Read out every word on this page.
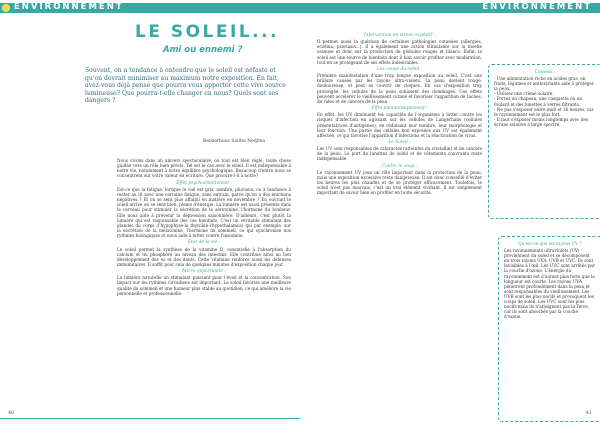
ENVIRONNEMENT
LE SOLEIL...
Ami ou ennemi ?
Souvent, on a tendance à entendre que le soleil est néfaste et qu'on devrait minimiser au maximum notre exposition. En fait, avez-vous déjà pensé que pourra vous apporter cette vive source lumineuse? Que pourra-t-elle changer en nous? Quels sont ses dangers ?
Benzerbouz Salihu Nedjma
Nous vivons dans un univers spectaculaire, où tout est bien réglé, toute chose guidée vers un rôle bien précis. Tel est le cas avec le soleil. Il est indispensable à notre vie, notamment à notre équilibre psychologique. Beaucoup d'entre nous se concentrent sur votre valeur en écriture. Que procure-t-il à notre?
Effet psychoémotionnel :
Est-ce que la fatigue, lorsque le ciel est gris, sombre, pluvieux, ou à tendance à rester au lit avec une certaine fatigue, sans entrain, parce qu'on a des émotions négatives ? Et on se sent plus affaibli en matière en novembre ? En ouvrant le soleil arrive on se sent bien, pleins d'énergie. La lumière est aussi présente dans le cerveau pour stimuler la sécrétion de la sérotonine, l'hormone du bonheur. Elle nous aide à prévenir la dépression saisonnière. D'ailleurs, c'est plutôt la lumière qui est responsable des ces bienfaits. C'est un véritable stimulant des glandes du corps (l'hypophyse-la thyroïde-l'hypothalamus) qui par exemple, sur la sécrétion de la mélatonine, l'hormone du sommeil, ce qui synchronise nos rythmes biologiques et nous aide à lutter contre l'insomnie.
Etat de la vie :
Le soleil permet la synthèse de la vitamine D, essentielle à l'absorption du calcium et du phosphore au niveau des intestins. Elle contribue ainsi au bon développement des os et des dents. Cette vitamine renforce aussi les défenses immunitaires. Il suffit pour cela de quelques minutes d'exposition chaque jour.
Micro-opportunité :
La lumière naturelle un stimulant puissant pour l'éveil et la concentration. Son impact sur les rythmes circadiens est important. Le soleil favorise une meilleure qualité du sommeil et une humeur plus stable au quotidien, ce qui améliore la vie personnelle et professionnelle.
40
ENVIRONNEMENT
Intervention en stress oxydatif :
Il permet aussi la guérison de certaines pathologies cutanées (allergies, eczéma, psoriasis...). Il a également une action stimulante sur la moelle osseuse et donc sur la production de globules rouges et blancs. Enfin, le soleil est une source de bienfaits dont il faut savoir profiter avec modération, tout en se protégeant de ses effets indésirables.
Les coups du soleil :
Première manifestation d'une trop longue exposition au soleil. C'est une brûlure causée par les rayons ultra-violets. La peau devient rouge, douloureuse, et peut se couvrir de cloques. En cas d'exposition trop prolongée, les cellules de la peau subissent des dommages. Ces effets peuvent accélérer le vieillissement cutané et favoriser l'apparition de taches, de rides et de cancers de la peau.
Effet immunosuppressif :
En effet, les UV diminuent les capacités de l'organisme à lutter contre les risques d'infection en agissant sur les cellules de Langerhans (cellules présentatrices d'antigènes), en réduisant leur nombre, leur morphologie et leur fonction. Une partie des cellules non exposées aux UV est également affectée, ce qui favorise l'apparition d'infections et la réactivation de virus.
Le Soleil :
Les UV sont responsables de cataractes (atteintes du cristallin) et de cancers de la peau. Le port de lunettes de soleil et de vêtements couvrants reste indispensable.
Contre le coup :
Le rayonnement UV joue un rôle important dans la protection de la peau, mais une exposition excessive reste dangereuse. Il est donc conseillé d'éviter les heures les plus chaudes et de se protéger efficacement. Toutefois, le soleil n'est pas mauvais, c'est un vrai élément vivifiant. Il est simplement important de savoir bien en profiter en toute sécurité.
Conseils :
- Une alimentation riche en acides gras, en fruits, légumes et antioxydants aide à protéger la peau.
- Utilisez une crème solaire.
- Portez un chapeau, une casquette ou un foulard et des lunettes à verres filtrants.
- Ne pas s'exposer entre midi et 16 heures, car le rayonnement est le plus fort.
- Il faut s'exposer moins longtemps avec des écrans solaires à large spectre.
Qu'est-ce que les rayons UV ?
Les rayonnements ultraviolets (UV) proviennent du soleil et se décomposent en trois rayons UVA, UVB et UVC. Ils sont invisibles à l'œil. Les UVC sont arrêtés par la couche d'ozone. L'énergie du rayonnement est d'autant plus forte que la longueur est courte. Les rayons UVA pénètrent profondément dans la peau et sont responsables du vieillissement. Les UVB sont les plus nocifs et provoquent les coups de soleil. Les UVC sont les plus nocifs mais ils n'atteignent pas la Terre, car ils sont absorbés par la couche d'ozone.
41
